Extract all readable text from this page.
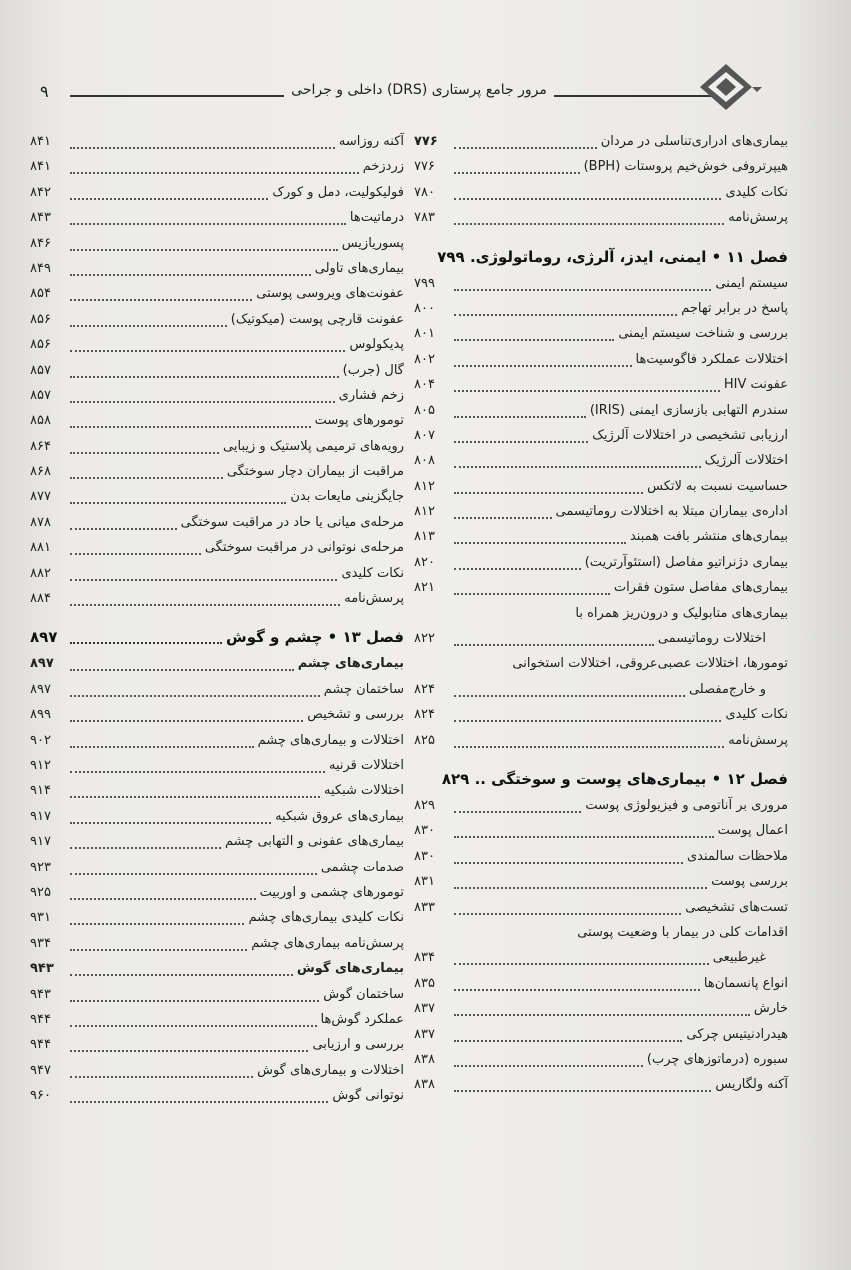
۹	مرور جامع پرستاری (DRS) داخلی و جراحی
بیماری‌های ادراری‌تناسلی در مردان
۷۷۶
هیپرتروفی خوش‌خیم پروستات (BPH)
۷۷۶
نکات کلیدی
۷۸۰
پرسش‌نامه
۷۸۳
فصل ۱۱ • ایمنی، ایدز، آلرژی، روماتولوژی. ۷۹۹
سیستم ایمنی
۷۹۹
پاسخ در برابر تهاجم
۸۰۰
بررسی و شناخت سیستم ایمنی
۸۰۱
اختلالات عملکرد فاگوسیت‌ها
۸۰۲
عفونت HIV
۸۰۴
سندرم التهابی بازسازی ایمنی (IRIS)
۸۰۵
ارزیابی تشخیصی در اختلالات آلرژیک
۸۰۷
اختلالات آلرژیک
۸۰۸
حساسیت نسبت به لاتکس
۸۱۲
اداره‌ی بیماران مبتلا به اختلالات روماتیسمی
۸۱۲
بیماری‌های منتشر بافت همبند
۸۱۳
بیماری دژنراتیو مفاصل (استئوآرتریت)
۸۲۰
بیماری‌های مفاصل ستون فقرات
۸۲۱
بیماری‌های متابولیک و درون‌ریز همراه با
اختلالات روماتیسمی
۸۲۲
تومورها، اختلالات عصبی‌عروقی، اختلالات استخوانی
و خارج‌مفصلی
۸۲۴
نکات کلیدی
۸۲۴
پرسش‌نامه
۸۲۵
فصل ۱۲ • بیماری‌های پوست و سوختگی .. ۸۲۹
مروری بر آناتومی و فیزیولوژی پوست
۸۲۹
اعمال پوست
۸۳۰
ملاحظات سالمندی
۸۳۰
بررسی پوست
۸۳۱
تست‌های تشخیصی
۸۳۳
اقدامات کلی در بیمار با وضعیت پوستی
غیرطبیعی
۸۳۴
انواع پانسمان‌ها
۸۳۵
خارش
۸۳۷
هیدرادنیتیس چرکی
۸۳۷
سبوره (درماتوزهای چرب)
۸۳۸
آکنه ولگاریس
۸۳۸
آکنه روزاسه
۸۴۱
زردزخم
۸۴۱
فولیکولیت، دمل و کورک
۸۴۲
درماتیت‌ها
۸۴۳
پسوریازیس
۸۴۶
بیماری‌های تاولی
۸۴۹
عفونت‌های ویروسی پوستی
۸۵۴
عفونت قارچی پوست (میکوتیک)
۸۵۶
پدیکولوس
۸۵۶
گال (جرب)
۸۵۷
زخم فشاری
۸۵۷
تومورهای پوست
۸۵۸
رویه‌های ترمیمی پلاستیک و زیبایی
۸۶۴
مراقبت از بیماران دچار سوختگی
۸۶۸
جایگزینی مایعات بدن
۸۷۷
مرحله‌ی میانی یا حاد در مراقبت سوختگی
۸۷۸
مرحله‌ی نوتوانی در مراقبت سوختگی
۸۸۱
نکات کلیدی
۸۸۲
پرسش‌نامه
۸۸۴
فصل ۱۳ • چشم و گوش
۸۹۷
بیماری‌های چشم
۸۹۷
ساختمان چشم
۸۹۷
بررسی و تشخیص
۸۹۹
اختلالات و بیماری‌های چشم
۹۰۲
اختلالات قرنیه
۹۱۲
اختلالات شبکیه
۹۱۴
بیماری‌های عروق شبکیه
۹۱۷
بیماری‌های عفونی و التهابی چشم
۹۱۷
صدمات چشمی
۹۲۳
تومورهای چشمی و اوربیت
۹۲۵
نکات کلیدی بیماری‌های چشم
۹۳۱
پرسش‌نامه بیماری‌های چشم
۹۳۴
بیماری‌های گوش
۹۴۳
ساختمان گوش
۹۴۳
عملکرد گوش‌ها
۹۴۴
بررسی و ارزیابی
۹۴۴
اختلالات و بیماری‌های گوش
۹۴۷
نوتوانی گوش
۹۶۰
